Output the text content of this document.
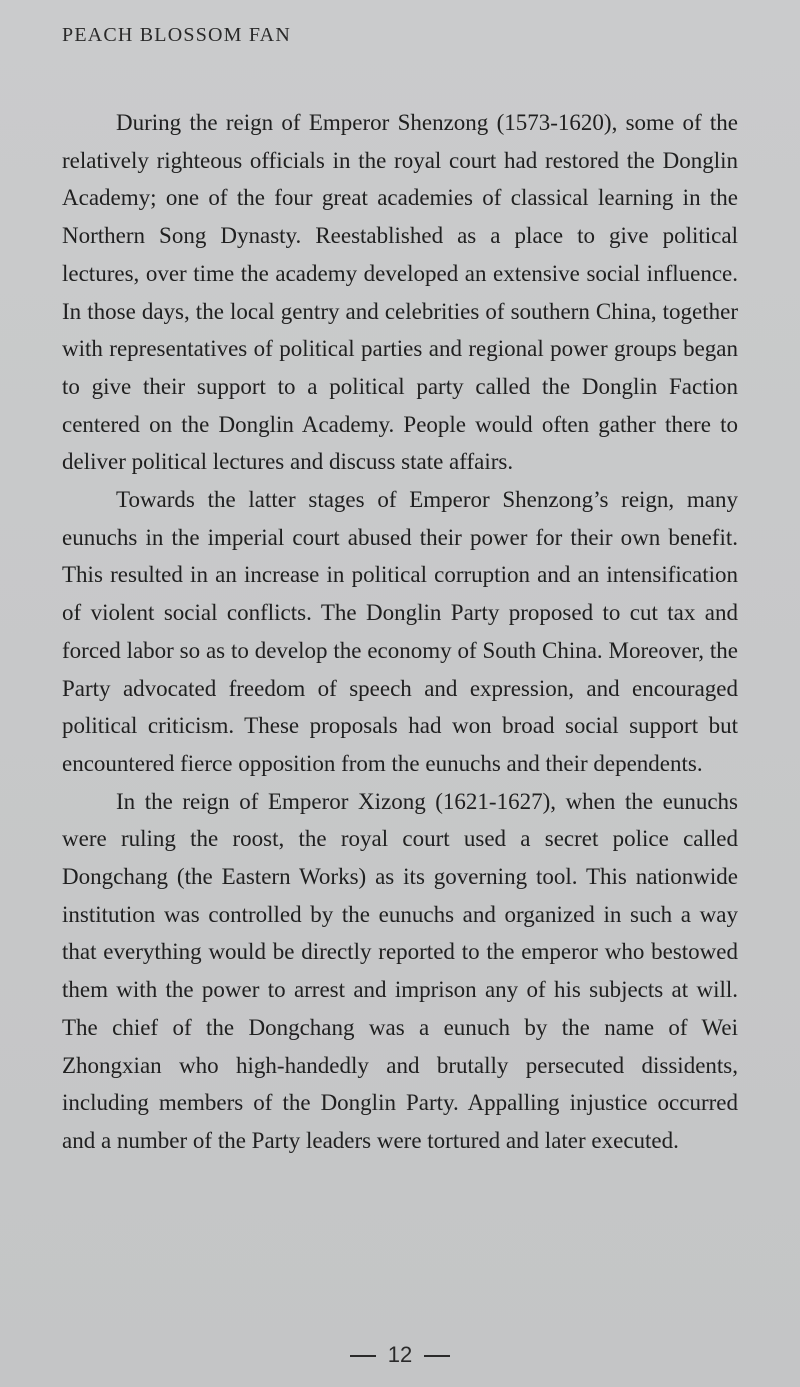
PEACH BLOSSOM FAN

During the reign of Emperor Shenzong (1573-1620), some of the relatively righteous officials in the royal court had restored the Donglin Academy; one of the four great academies of classical learning in the Northern Song Dynasty. Reestablished as a place to give political lectures, over time the academy developed an extensive social influence. In those days, the local gentry and celebrities of southern China, together with representatives of political parties and regional power groups began to give their support to a political party called the Donglin Faction centered on the Donglin Academy. People would often gather there to deliver political lectures and discuss state affairs.

Towards the latter stages of Emperor Shenzong’s reign, many eunuchs in the imperial court abused their power for their own benefit. This resulted in an increase in political corruption and an intensification of violent social conflicts. The Donglin Party proposed to cut tax and forced labor so as to develop the economy of South China. Moreover, the Party advocated freedom of speech and expression, and encouraged political criticism. These proposals had won broad social support but encountered fierce opposition from the eunuchs and their dependents.

In the reign of Emperor Xizong (1621-1627), when the eunuchs were ruling the roost, the royal court used a secret police called Dongchang (the Eastern Works) as its governing tool. This nationwide institution was controlled by the eunuchs and organized in such a way that everything would be directly reported to the emperor who bestowed them with the power to arrest and imprison any of his subjects at will. The chief of the Dongchang was a eunuch by the name of Wei Zhongxian who high-handedly and brutally persecuted dissidents, including members of the Donglin Party. Appalling injustice occurred and a number of the Party leaders were tortured and later executed.

12
